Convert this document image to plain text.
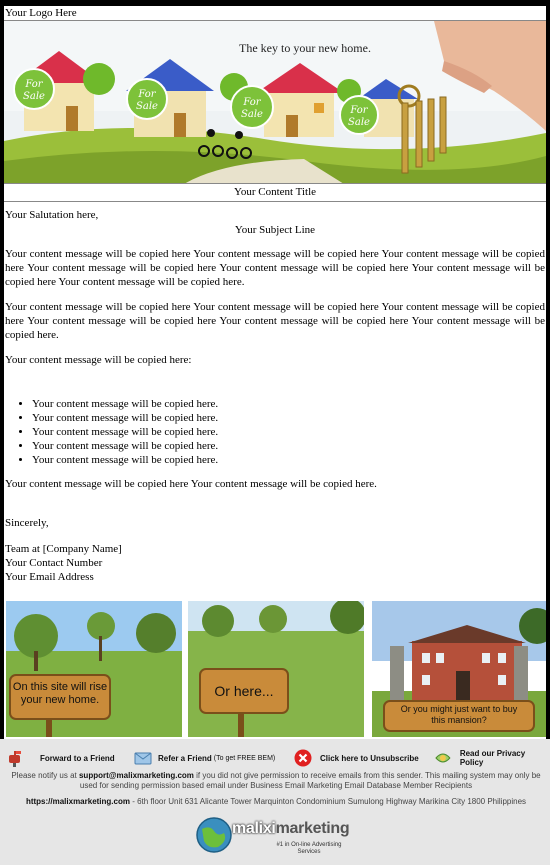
Your Logo Here
For
Sale	For
Sale	For
Sale	For
Sale
The key to your new home.
Your Content Title
Your Salutation here,
Your Subject Line

Your content message will be copied here Your content message will be copied here Your content message will be copied here Your content message will be copied here Your content message will be copied here Your content message will be copied here Your content message will be copied here.

Your content message will be copied here Your content message will be copied here Your content message will be copied here Your content message will be copied here Your content message will be copied here Your content message will be copied here.

Your content message will be copied here:

• Your content message will be copied here.
• Your content message will be copied here.
• Your content message will be copied here.
• Your content message will be copied here.
• Your content message will be copied here.

Your content message will be copied here Your content message will be copied here.

Sincerely,

Team at [Company Name]

Your Contact Number

Your Email Address

On this site will rise
your new home.
Or here...
Or you might just want to buy
this mansion?
Forward to a Friend	Refer a Friend (To get FREE BEM)	Click here to Unsubscribe	Read our Privacy Policy
Please notify us at support@malixmarketing.com if you did not give permission to receive emails from this sender. This mailing system may only be used for sending permission based email under Business Email Marketing Email Database Member Recipients
https://malixmarketing.com - 6th floor Unit 631 Alicante Tower Marquinton Condominium Sumulong Highway Marikina City 1800 Philippines
maliximarketing
#1 in On-line Advertising
Services
